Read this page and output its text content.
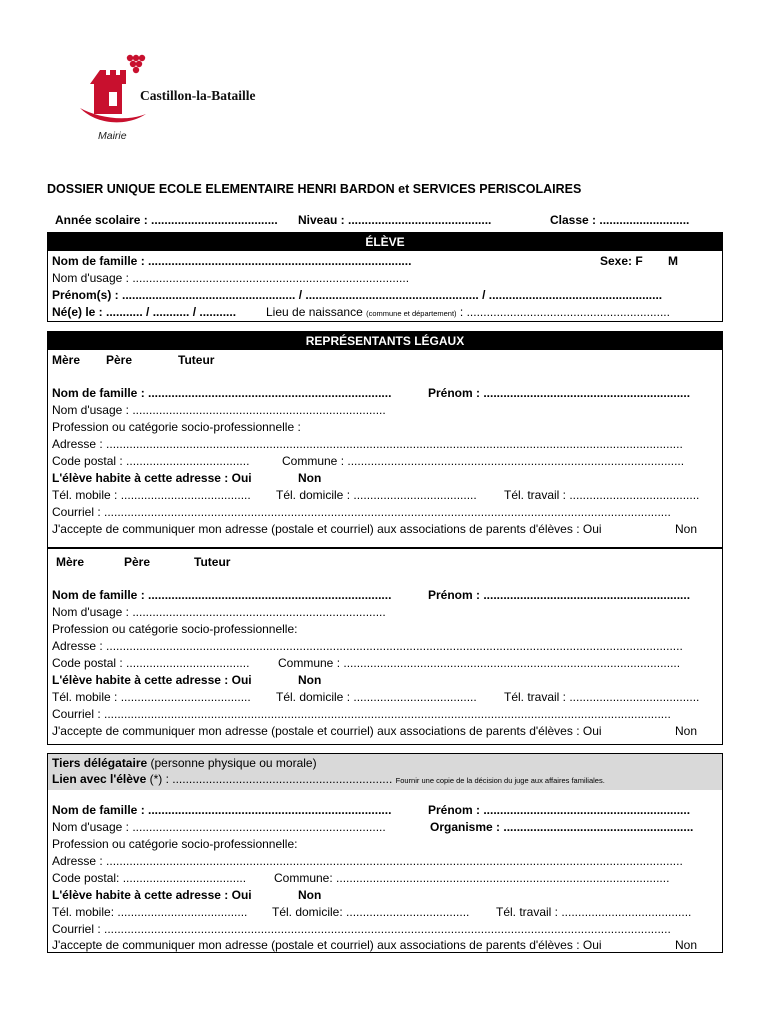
Castillon-la-Bataille
Mairie
DOSSIER UNIQUE ECOLE ELEMENTAIRE HENRI BARDON et SERVICES PERISCOLAIRES
Année scolaire : ...................................... Niveau : ...........................................	Classe : ...........................
ÉLÈVE
Nom de famille : ...............................................................................	Sexe: F M
Nom d'usage : ...................................................................................
Prénom(s) : .................................................... / .................................................... / ....................................................
Né(e) le : ........... / ........... / ........... Lieu de naissance (commune et département) : .............................................................
REPRÉSENTANTS LÉGAUX
Mère Père	Tuteur
Nom de famille : .........................................................................	Prénom : ..............................................................
Nom d'usage : ............................................................................
Profession ou catégorie socio-professionnelle :
Adresse : .............................................................................................................................................................................
Code postal : .....................................	Commune : .....................................................................................................
L'élève habite à cette adresse : Oui	Non
Tél. mobile : ....................................... Tél. domicile : ..................................... Tél. travail : .......................................
Courriel : ..........................................................................................................................................................................
J'accepte de communiquer mon adresse (postale et courriel) aux associations de parents d'élèves : Oui	Non
Mère	Père	Tuteur
Nom de famille : .........................................................................	Prénom : ..............................................................
Nom d'usage : ............................................................................
Profession ou catégorie socio-professionnelle:
Adresse : .............................................................................................................................................................................
Code postal : ..................................... Commune : .....................................................................................................
L'élève habite à cette adresse : Oui	Non
Tél. mobile : ....................................... Tél. domicile : ..................................... Tél. travail : .......................................
Courriel : ..........................................................................................................................................................................
J'accepte de communiquer mon adresse (postale et courriel) aux associations de parents d'élèves : Oui	Non
Tiers délégataire (personne physique ou morale)
Lien avec l'élève (*) : .................................................................. Fournir une copie de la décision du juge aux affaires familiales.
Nom de famille : .........................................................................	Prénom : ..............................................................
Nom d'usage : ............................................................................	Organisme : .........................................................
Profession ou catégorie socio-professionnelle:
Adresse : .............................................................................................................................................................................
Code postal: ..................................... Commune: ....................................................................................................
L'élève habite à cette adresse : Oui	Non
Tél. mobile: ....................................... Tél. domicile: ..................................... Tél. travail : .......................................
Courriel : ..........................................................................................................................................................................
J'accepte de communiquer mon adresse (postale et courriel) aux associations de parents d'élèves : Oui	Non
